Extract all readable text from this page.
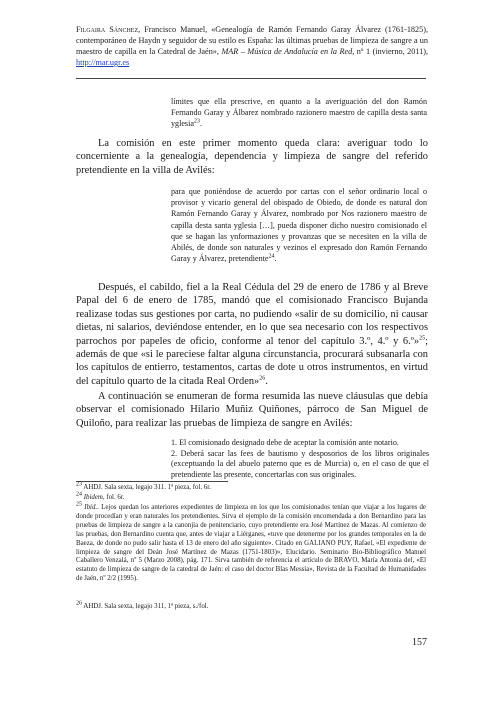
Filgaira Sánchez, Francisco Manuel, «Genealogía de Ramón Fernando Garay Álvarez (1761-1825), contemporáneo de Haydn y seguidor de su estilo es España: las últimas pruebas de limpieza de sangre a un maestro de capilla en la Catedral de Jaén», MAR – Música de Andalucía en la Red, nº 1 (invierno, 2011), http://mar.ugr.es
límites que ella prescrive, en quanto a la averiguación del don Ramón Fernando Garay y Álbarez nombrado razionero maestro de capilla desta santa yglesia$^{23}$.
La comisión en este primer momento queda clara: averiguar todo lo concerniente a la genealogía, dependencia y limpieza de sangre del referido pretendiente en la villa de Avilés:
para que poniéndose de acuerdo por cartas con el señor ordinario local o provisor y vicario general del obispado de Obiedo, de donde es natural don Ramón Fernando Garay y Álvarez, nombrado por Nos razionero maestro de capilla desta santa yglesia […], pueda disponer dicho nuestro comisionado el que se hagan las ynformaziones y provanzas que se necesiten en la villa de Abilés, de donde son naturales y vezinos el expresado don Ramón Fernando Garay y Álvarez, pretendiente$^{24}$.
Después, el cabildo, fiel a la Real Cédula del 29 de enero de 1786 y al Breve Papal del 6 de enero de 1785, mandó que el comisionado Francisco Bujanda realizase todas sus gestiones por carta, no pudiendo «salir de su domicilio, ni causar dietas, ni salarios, deviéndose entender, en lo que sea necesario con los respectivos parrochos por papeles de oficio, conforme al tenor del capítulo 3.º, 4.º y 6.º»$^{25}$; además de que «si le pareciese faltar alguna circunstancia, procurará subsanarla con los capítulos de entierro, testamentos, cartas de dote u otros instrumentos, en virtud del capítulo quarto de la citada Real Orden»$^{26}$.
A continuación se enumeran de forma resumida las nueve cláusulas que debía observar el comisionado Hilario Muñiz Quiñones, párroco de San Miguel de Quiloño, para realizar las pruebas de limpieza de sangre en Avilés:
1. El comisionado designado debe de aceptar la comisión ante notario.
2. Deberá sacar las fees de bautismo y desposorios de los libros originales (exceptuando la del abuelo paterno que es de Murcia) o, en el caso de que el pretendiente las presente, concertarlas con sus originales.
$^{23}$ AHDJ. Sala sexta, legajo 311. 1ª pieza, fol. 6r.
$^{24}$ Ibidem, fol. 6r.
$^{25}$ Ibíd.. Lejos quedan los anteriores expedientes de limpieza en los que los comisionados tenían que viajar a los lugares de donde procedían y eran naturales los pretendientes. Sirva el ejemplo de la comisión encomendada a don Bernardino para las pruebas de limpieza de sangre a la canonjía de penitenciario, cuyo pretendiente era José Martínez de Mazas. Al comienzo de las pruebas, don Bernardino cuenta que, antes de viajar a Liérganes, «tuve que detenerme por los grandes temporales en la de Baeza, de donde no pudo salir hasta el 13 de enero del año siguiente». Citado en GALIANO PUY, Rafael, «El expediente de limpieza de sangre del Deán José Martínez de Mazas (1751-1803)», Elucidario. Seminario Bio-Bibliográfico Manuel Caballero Venzalá, nº 5 (Marzo 2008), pág. 171. Sirva también de referencia el artículo de BRAVO, María Antonia del, «El estatuto de limpieza de sangre de la catedral de Jaén: el caso del doctor Blas Messía», Revista de la Facultad de Humanidades de Jaén, nº 2/2 (1995).
$^{26}$ AHDJ. Sala sexta, legajo 311, 1ª pieza, s./fol.
157
